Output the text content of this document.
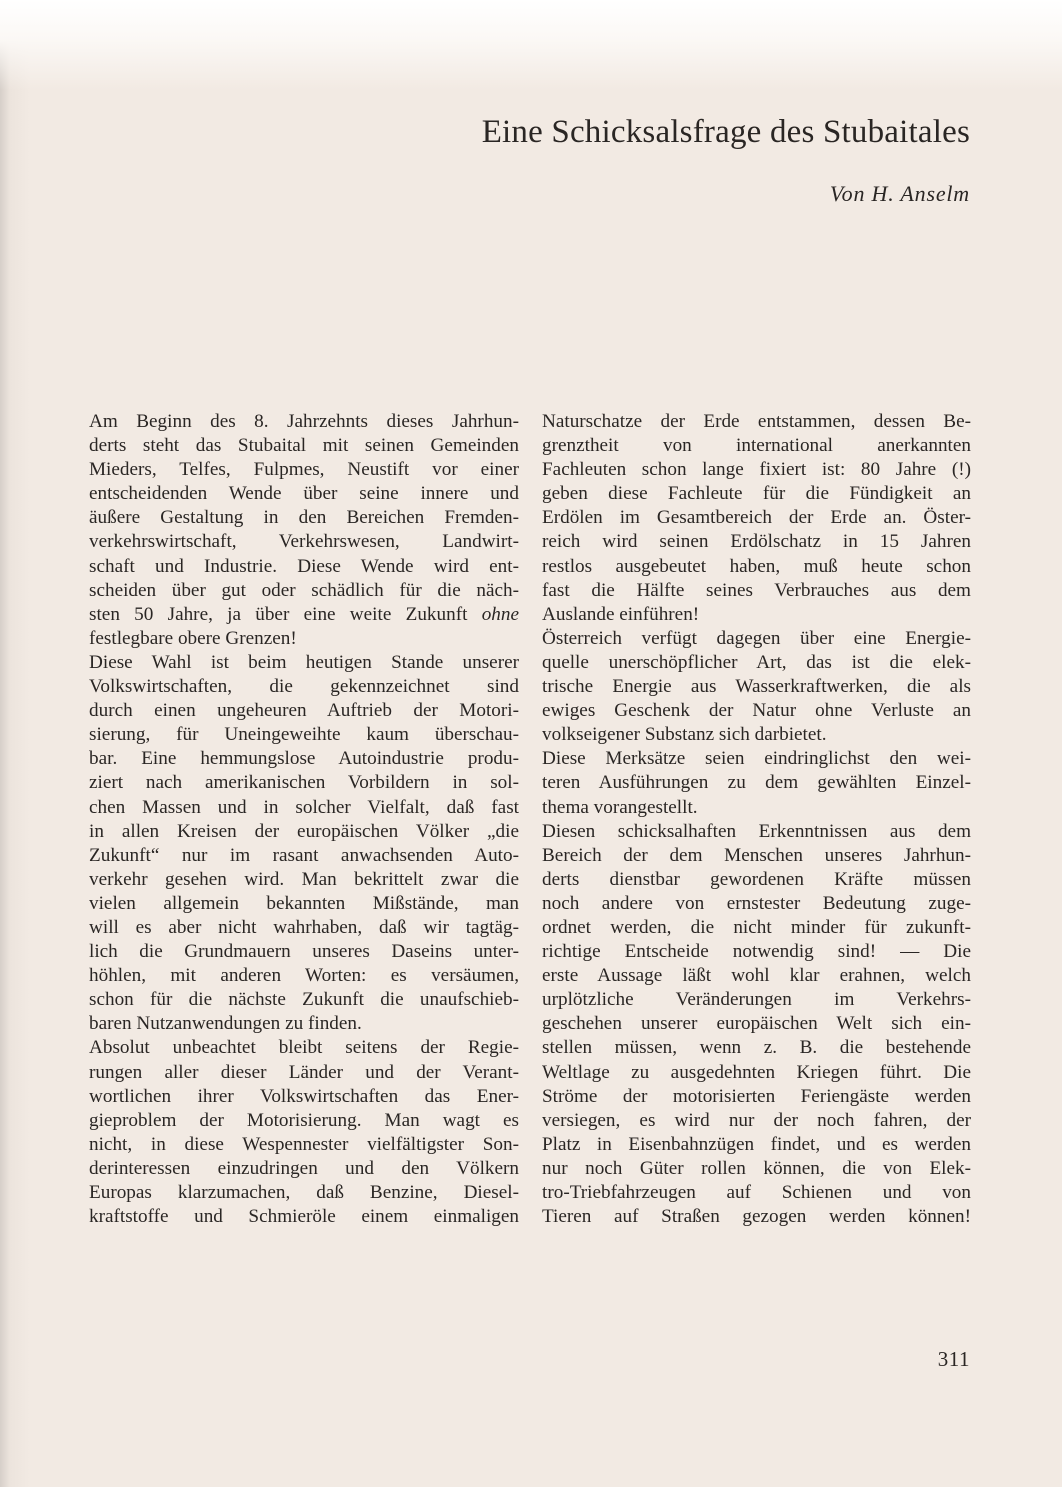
Eine Schicksalsfrage des Stubaitales

Von H. Anselm

Am Beginn des 8. Jahrzehnts dieses Jahrhun-
derts steht das Stubaital mit seinen Gemeinden
Mieders, Telfes, Fulpmes, Neustift vor einer
entscheidenden Wende über seine innere und
äußere Gestaltung in den Bereichen Fremden-
verkehrswirtschaft, Verkehrswesen, Landwirt-
schaft und Industrie. Diese Wende wird ent-
scheiden über gut oder schädlich für die näch-
sten 50 Jahre, ja über eine weite Zukunft ohne
festlegbare obere Grenzen!
Diese Wahl ist beim heutigen Stande unserer
Volkswirtschaften, die gekennzeichnet sind
durch einen ungeheuren Auftrieb der Motori-
sierung, für Uneingeweihte kaum überschau-
bar. Eine hemmungslose Autoindustrie produ-
ziert nach amerikanischen Vorbildern in sol-
chen Massen und in solcher Vielfalt, daß fast
in allen Kreisen der europäischen Völker „die
Zukunft“ nur im rasant anwachsenden Auto-
verkehr gesehen wird. Man bekrittelt zwar die
vielen allgemein bekannten Mißstände, man
will es aber nicht wahrhaben, daß wir tagtäg-
lich die Grundmauern unseres Daseins unter-
höhlen, mit anderen Worten: es versäumen,
schon für die nächste Zukunft die unaufschieb-
baren Nutzanwendungen zu finden.
Absolut unbeachtet bleibt seitens der Regie-
rungen aller dieser Länder und der Verant-
wortlichen ihrer Volkswirtschaften das Ener-
gieproblem der Motorisierung. Man wagt es
nicht, in diese Wespennester vielfältigster Son-
derinteressen einzudringen und den Völkern
Europas klarzumachen, daß Benzine, Diesel-
kraftstoffe und Schmieröle einem einmaligen
Naturschatze der Erde entstammen, dessen Be-
grenztheit von international anerkannten
Fachleuten schon lange fixiert ist: 80 Jahre (!)
geben diese Fachleute für die Fündigkeit an
Erdölen im Gesamtbereich der Erde an. Öster-
reich wird seinen Erdölschatz in 15 Jahren
restlos ausgebeutet haben, muß heute schon
fast die Hälfte seines Verbrauches aus dem
Auslande einführen!
Österreich verfügt dagegen über eine Energie-
quelle unerschöpflicher Art, das ist die elek-
trische Energie aus Wasserkraftwerken, die als
ewiges Geschenk der Natur ohne Verluste an
volkseigener Substanz sich darbietet.
Diese Merksätze seien eindringlichst den wei-
teren Ausführungen zu dem gewählten Einzel-
thema vorangestellt.
Diesen schicksalhaften Erkenntnissen aus dem
Bereich der dem Menschen unseres Jahrhun-
derts dienstbar gewordenen Kräfte müssen
noch andere von ernstester Bedeutung zuge-
ordnet werden, die nicht minder für zukunft-
richtige Entscheide notwendig sind! — Die
erste Aussage läßt wohl klar erahnen, welch
urplötzliche Veränderungen im Verkehrs-
geschehen unserer europäischen Welt sich ein-
stellen müssen, wenn z. B. die bestehende
Weltlage zu ausgedehnten Kriegen führt. Die
Ströme der motorisierten Feriengäste werden
versiegen, es wird nur der noch fahren, der
Platz in Eisenbahnzügen findet, und es werden
nur noch Güter rollen können, die von Elek-
tro-Triebfahrzeugen auf Schienen und von
Tieren auf Straßen gezogen werden können!
311
